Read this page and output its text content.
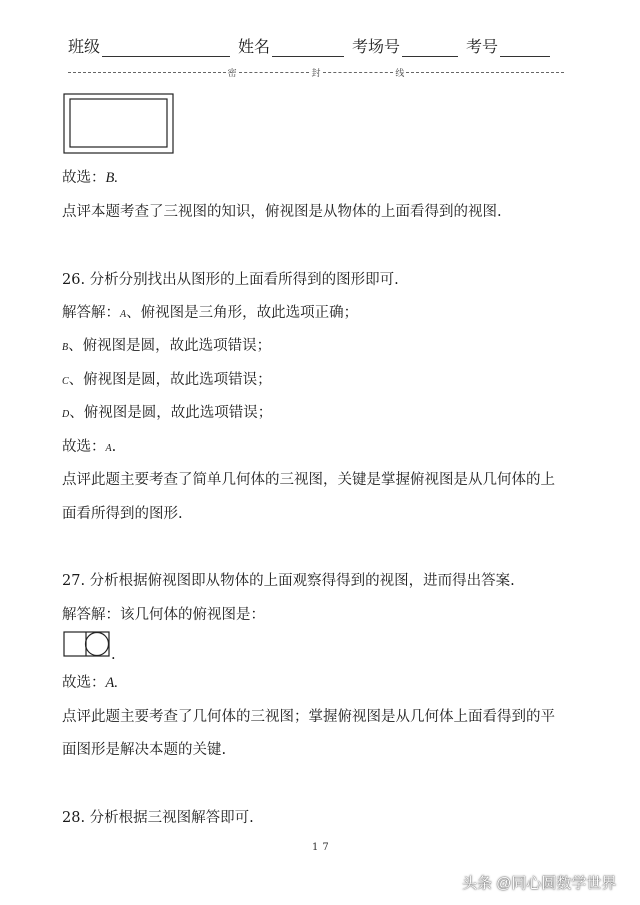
班级	姓名	考场号	考号
密	封	线
故选：B.
点评本题考查了三视图的知识，俯视图是从物体的上面看得到的视图.
26. 分析分别找出从图形的上面看所得到的图形即可.
解答解：A、俯视图是三角形，故此选项正确；
B、俯视图是圆，故此选项错误；
C、俯视图是圆，故此选项错误；
D、俯视图是圆，故此选项错误；
故选：A.
点评此题主要考查了简单几何体的三视图，关键是掌握俯视图是从几何体的上
面看所得到的图形.
27. 分析根据俯视图即从物体的上面观察得得到的视图，进而得出答案.
解答解：该几何体的俯视图是：
.
故选：A.
点评此题主要考查了几何体的三视图；掌握俯视图是从几何体上面看得到的平
面图形是解决本题的关键.
28. 分析根据三视图解答即可.
17
头条 @同心圆数学世界
